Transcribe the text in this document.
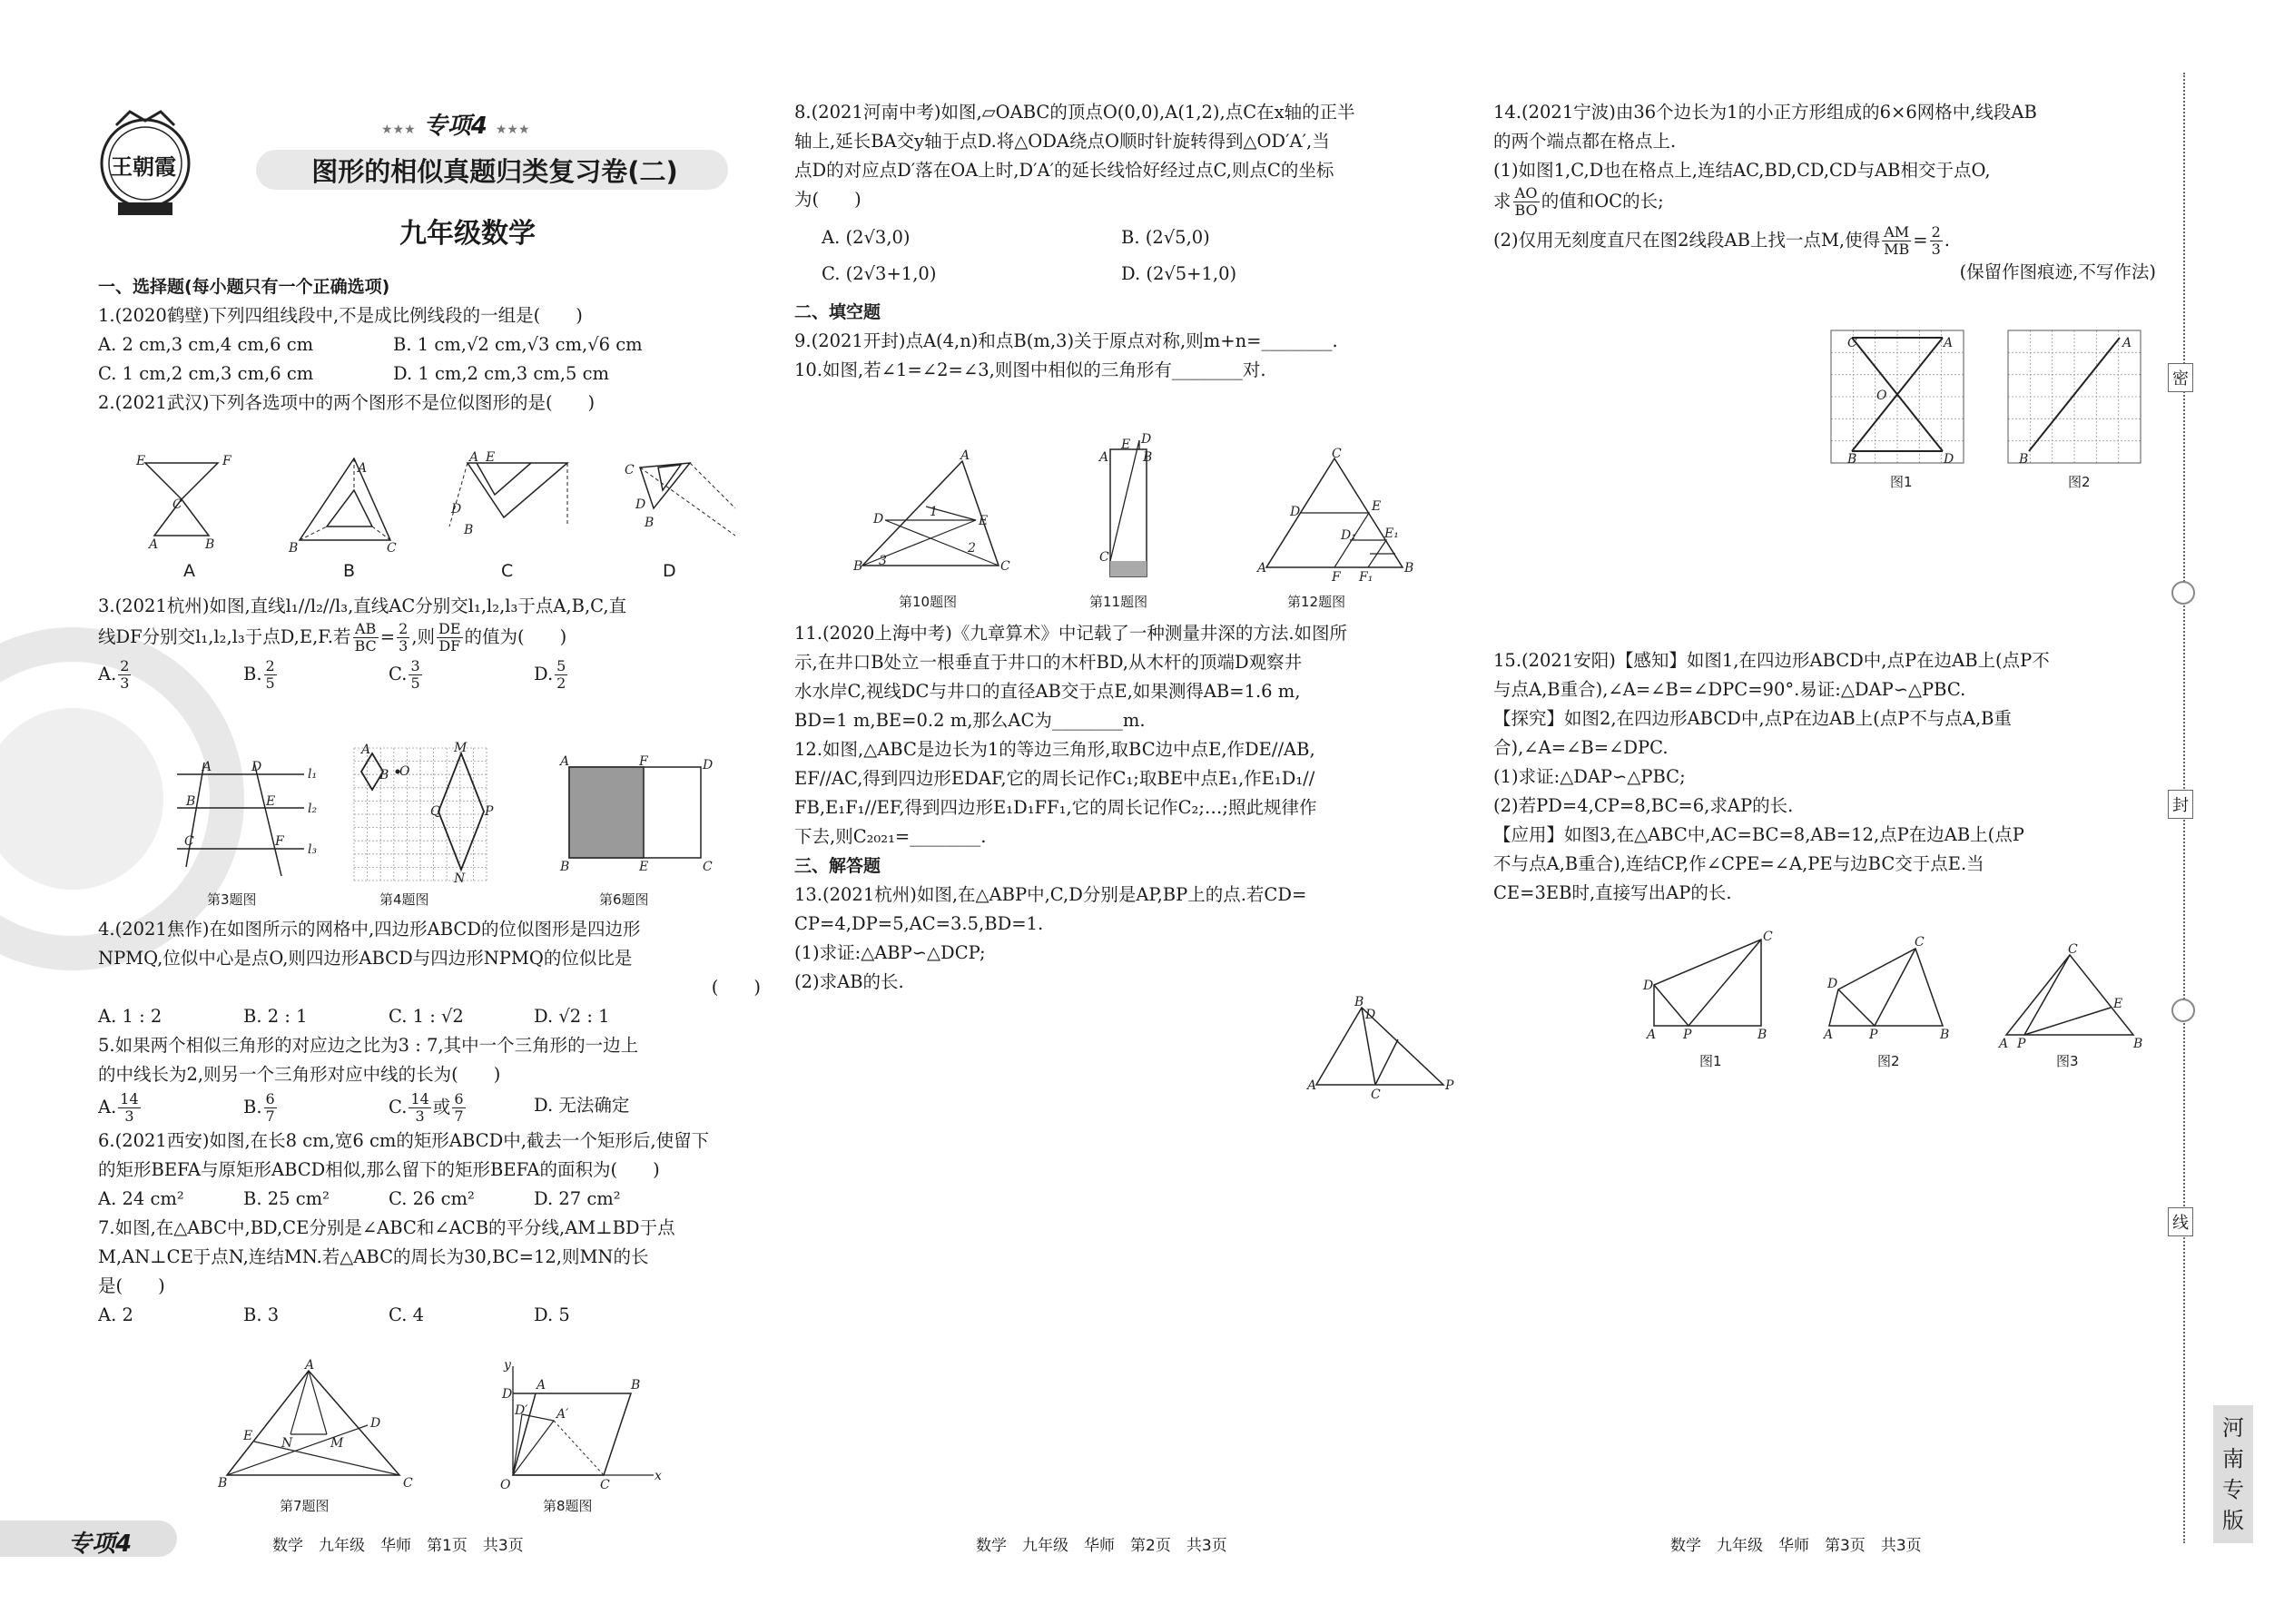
王朝霞
★★★ 专项4 ★★★
图形的相似真题归类复习卷(二)
九年级数学

一、选择题(每小题只有一个正确选项)

1.(2020鹤壁)下列四组线段中,不是成比例线段的一组是(　　)

A. 2 cm,3 cm,4 cm,6 cm	B. 1 cm,√2 cm,√3 cm,√6 cm
C. 1 cm,2 cm,3 cm,6 cm	D. 1 cm,2 cm,3 cm,5 cm

2.(2021武汉)下列各选项中的两个图形不是位似图形的是(　　)

E	F
C
A	B
A
B	C
A E
D
B
C
B
D
A	B	C	D

3.(2021杭州)如图,直线l₁//l₂//l₃,直线AC分别交l₁,l₂,l₃于点A,B,C,直

线DF分别交l₁,l₂,l₃于点D,E,F.若 $\frac{AB}{BC} = \frac{2}{3}$ ,则 $\frac{DE}{DF}$ 的值为(　　)

A. $\frac{2}{3}$	B. $\frac{2}{5}$	C. $\frac{3}{5}$	D. $\frac{5}{2}$
A	D	l₁
B	E	l₂
C	F
l₃
第3题图
A	M
B O
P
Q
N
第4题图
A	F	D
B	E	C
第6题图

4.(2021焦作)在如图所示的网格中,四边形ABCD的位似图形是四边形

NPMQ,位似中心是点O,则四边形ABCD与四边形NPMQ的位似比是

(　　)

A. 1 : 2	B. 2 : 1	C. 1 : √2	D. √2 : 1

5.如果两个相似三角形的对应边之比为3 : 7,其中一个三角形的一边上

的中线长为2,则另一个三角形对应中线的长为(　　)

A. $\frac{14}{3}$	B. $\frac{6}{7}$	C. $\frac{14}{3}$ 或 $\frac{6}{7}$	D. 无法确定

6.(2021西安)如图,在长8 cm,宽6 cm的矩形ABCD中,截去一个矩形后,使留下

的矩形BEFA与原矩形ABCD相似,那么留下的矩形BEFA的面积为(　　)

A. 24 cm²	B. 25 cm²	C. 26 cm²	D. 27 cm²

7.如图,在△ABC中,BD,CE分别是∠ABC和∠ACB的平分线,AM⊥BD于点

M,AN⊥CE于点N,连结MN.若△ABC的周长为30,BC=12,则MN的长

是(　　)

A. 2	B. 3	C. 4	D. 5
A
B	C
E
D
N	M
第7题图
y
x
O
D
A	B
C
A′
D′
第8题图

8.(2021河南中考)如图,▱OABC的顶点O(0,0),A(1,2),点C在x轴的正半

轴上,延长BA交y轴于点D.将△ODA绕点O顺时针旋转得到△OD′A′,当

点D的对应点D′落在OA上时,D′A′的延长线恰好经过点C,则点C的坐标

为(　　)

A. (2√3,0)	B. (2√5,0)
C. (2√3+1,0)	D. (2√5+1,0)

二、填空题

9.(2021开封)点A(4,n)和点B(m,3)关于原点对称,则m+n=________.

10.如图,若∠1=∠2=∠3,则图中相似的三角形有________对.

A
B	C
D	E
1
2
3
第10题图
D
E
B
A
C
第11题图
C
A	B
D	E
F F₁
D₁ E₁
第12题图

11.(2020上海中考)《九章算术》中记载了一种测量井深的方法.如图所

示,在井口B处立一根垂直于井口的木杆BD,从木杆的顶端D观察井

水水岸C,视线DC与井口的直径AB交于点E,如果测得AB=1.6 m,

BD=1 m,BE=0.2 m,那么AC为________m.

12.如图,△ABC是边长为1的等边三角形,取BC边中点E,作DE//AB,

EF//AC,得到四边形EDAF,它的周长记作C₁;取BE中点E₁,作E₁D₁//

FB,E₁F₁//EF,得到四边形E₁D₁FF₁,它的周长记作C₂;…;照此规律作

下去,则C₂₀₂₁=________.

三、解答题

13.(2021杭州)如图,在△ABP中,C,D分别是AP,BP上的点.若CD=

CP=4,DP=5,AC=3.5,BD=1.

(1)求证:△ABP∽△DCP;

(2)求AB的长.

B
D
A
C
P

14.(2021宁波)由36个边长为1的小正方形组成的6×6网格中,线段AB

的两个端点都在格点上.

(1)如图1,C,D也在格点上,连结AC,BD,CD,CD与AB相交于点O,

求 $\frac{AO}{BO}$ 的值和OC的长;

(2)仅用无刻度直尺在图2线段AB上找一点M,使得 $\frac{AM}{MB} = \frac{2}{3}$ .

(保留作图痕迹,不写作法)

C	A
O
B	D
图1
A
B
图2

15.(2021安阳)【感知】如图1,在四边形ABCD中,点P在边AB上(点P不

与点A,B重合),∠A=∠B=∠DPC=90°.易证:△DAP∽△PBC.

【探究】如图2,在四边形ABCD中,点P在边AB上(点P不与点A,B重

合),∠A=∠B=∠DPC.

(1)求证:△DAP∽△PBC;

(2)若PD=4,CP=8,BC=6,求AP的长.

【应用】如图3,在△ABC中,AC=BC=8,AB=12,点P在边AB上(点P

不与点A,B重合),连结CP,作∠CPE=∠A,PE与边BC交于点E.当

CE=3EB时,直接写出AP的长.

D
C
A P	B
图1
D
C
A	P	B
图2
C
E
A P	B
图3
密
封
线
河南专版
专项4	数学　九年级　华师　第1页　共3页	数学　九年级　华师　第2页　共3页	数学　九年级　华师　第3页　共3页
